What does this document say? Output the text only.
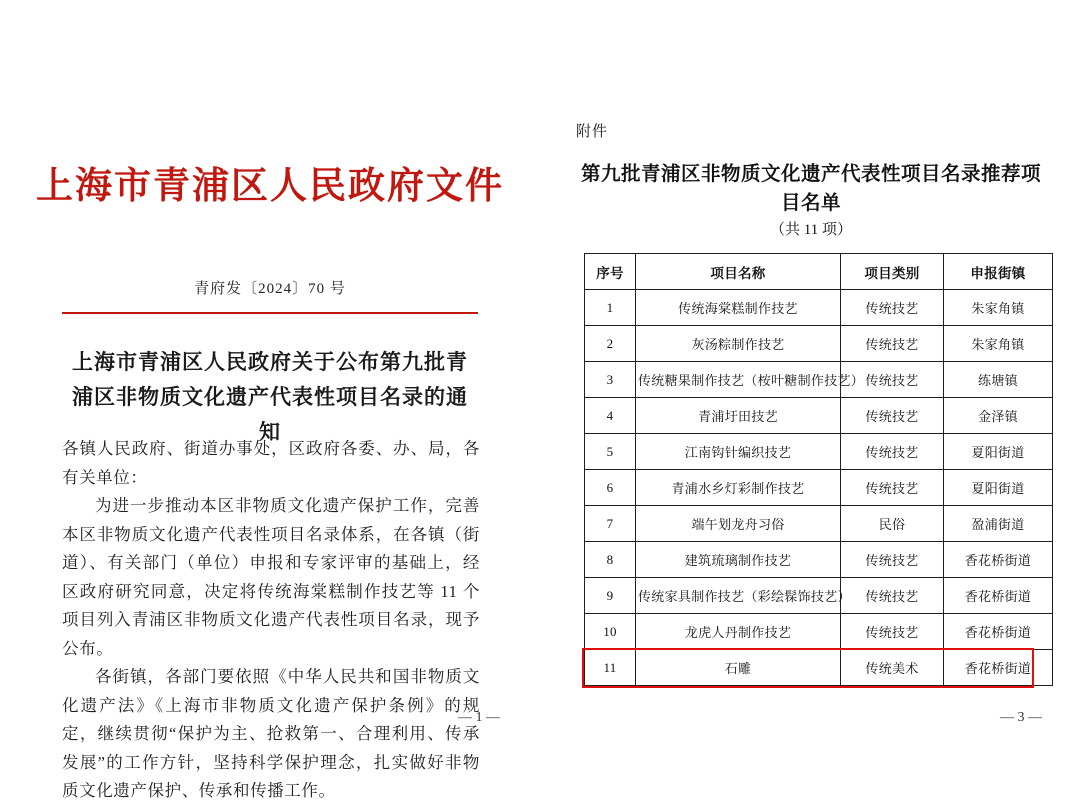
上海市青浦区人民政府文件
青府发〔2024〕70 号
上海市青浦区人民政府关于公布第九批青浦区非物质文化遗产代表性项目名录的通知

各镇人民政府、街道办事处，区政府各委、办、局，各有关单位：

为进一步推动本区非物质文化遗产保护工作，完善本区非物质文化遗产代表性项目名录体系，在各镇（街道）、有关部门（单位）申报和专家评审的基础上，经区政府研究同意，决定将传统海棠糕制作技艺等 11 个项目列入青浦区非物质文化遗产代表性项目名录，现予公布。

各街镇，各部门要依照《中华人民共和国非物质文化遗产法》《上海市非物质文化遗产保护条例》的规定，继续贯彻“保护为主、抢救第一、合理利用、传承发展”的工作方针，坚持科学保护理念，扎实做好非物质文化遗产保护、传承和传播工作。

— 1 —
附件
第九批青浦区非物质文化遗产代表性项目名录推荐项目名单
（共 11 项）
序号	项目名称	项目类别	申报街镇
1	传统海棠糕制作技艺	传统技艺	朱家角镇
2	灰汤粽制作技艺	传统技艺	朱家角镇
3	传统糖果制作技艺（桉叶糖制作技艺）	传统技艺	练塘镇
4	青浦圩田技艺	传统技艺	金泽镇
5	江南钩针编织技艺	传统技艺	夏阳街道
6	青浦水乡灯彩制作技艺	传统技艺	夏阳街道
7	端午划龙舟习俗	民俗	盈浦街道
8	建筑琉璃制作技艺	传统技艺	香花桥街道
9	传统家具制作技艺（彩绘髹饰技艺）	传统技艺	香花桥街道
10	龙虎人丹制作技艺	传统技艺	香花桥街道
11	石雕	传统美术	香花桥街道
— 3 —
